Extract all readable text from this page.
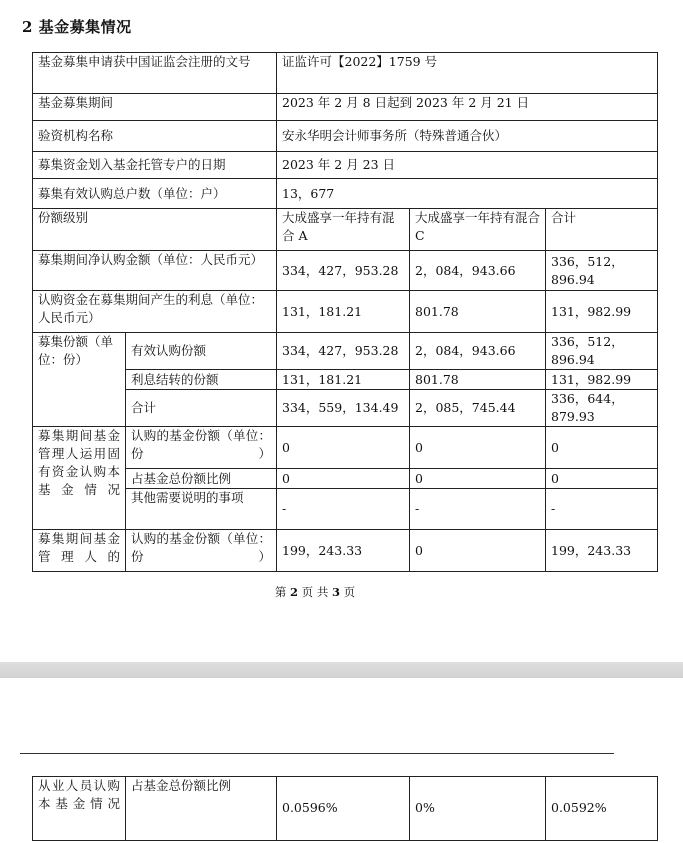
2 基金募集情况
基金募集申请获中国证监会注册的文号		证监许可【2022】1759 号		
基金募集期间		2023 年 2 月 8 日起到 2023 年 2 月 21 日		
验资机构名称		安永华明会计师事务所（特殊普通合伙）		
募集资金划入基金托管专户的日期		2023 年 2 月 23 日		
募集有效认购总户数（单位：户）		13，677		
份额级别		大成盛享一年持有混合 A	大成盛享一年持有混合 C	合计
募集期间净认购金额（单位：人民币元）		334，427，953.28	2，084，943.66	336，512，896.94
认购资金在募集期间产生的利息（单位：人民币元）		131，181.21	801.78	131，982.99
募集份额（单位：份）	有效认购份额	334，427，953.28	2，084，943.66	336，512，896.94
	利息结转的份额	131，181.21	801.78	131，982.99
	合计	334，559，134.49	2，085，745.44	336，644，879.93
募集期间基金管理人运用固有资金认购本基金情况	认购的基金份额（单位：份）	0	0	0
	占基金总份额比例	0	0	0
	其他需要说明的事项	-	-	-
募集期间基金管理人的	认购的基金份额（单位：份）	199，243.33	0	199，243.33
第 2 页 共 3 页
从业人员认购本基金情况	占基金总份额比例	0.0596%	0%	0.0592%
